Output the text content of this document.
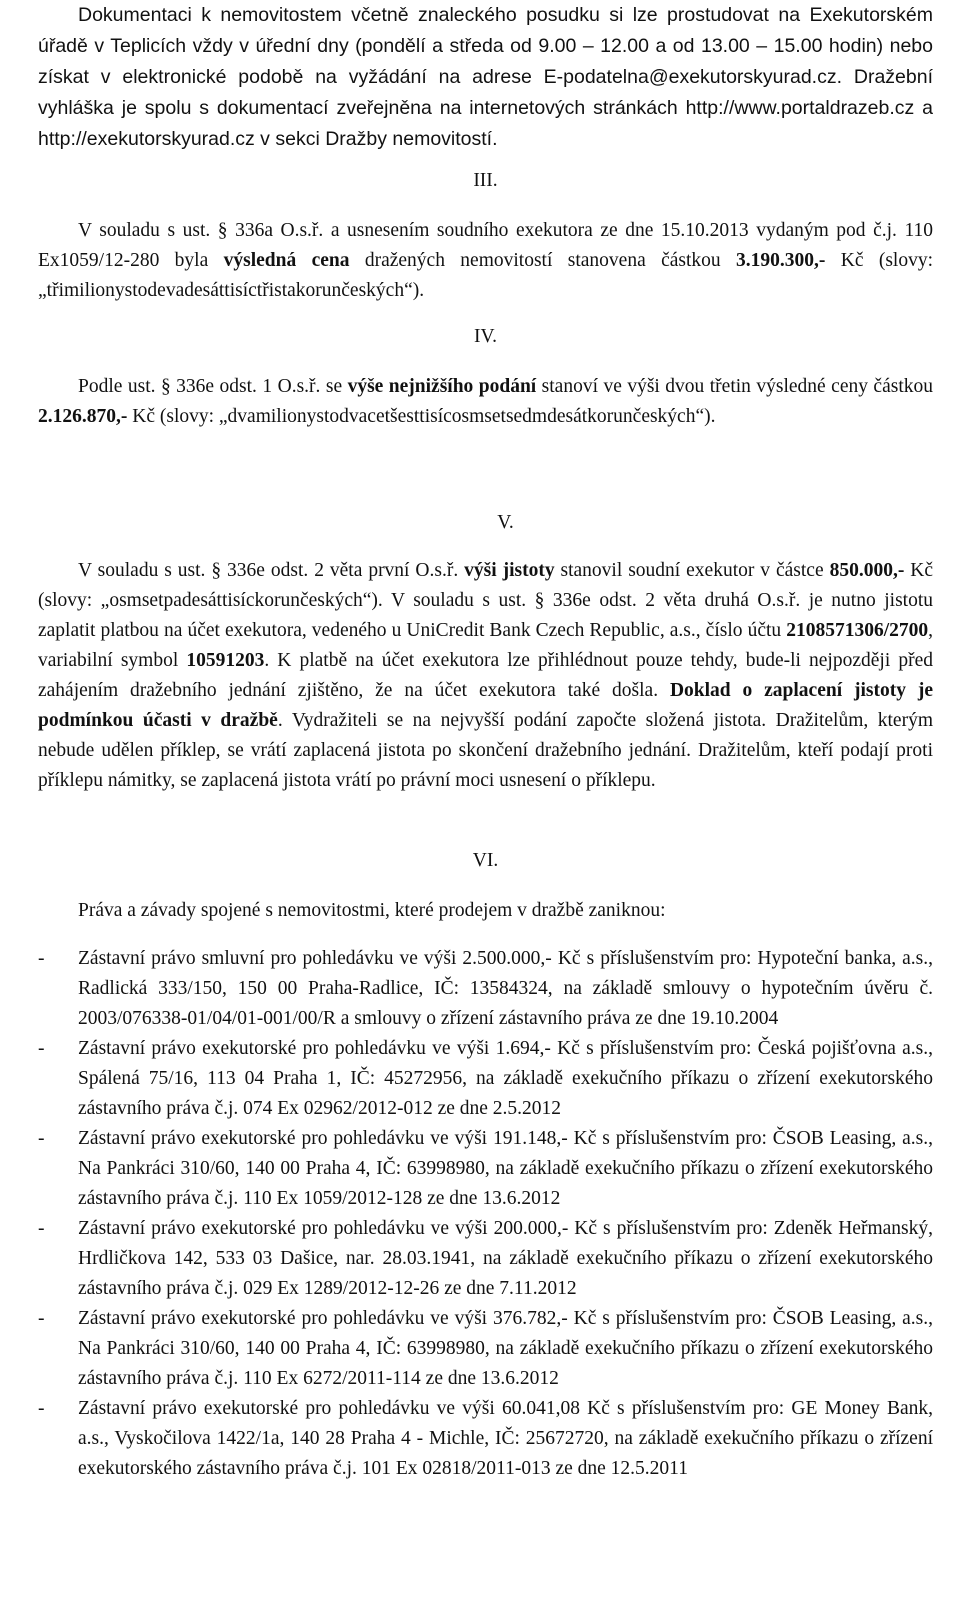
Dokumentaci k nemovitostem včetně znaleckého posudku si lze prostudovat na Exekutorském úřadě v Teplicích vždy v úřední dny (pondělí a středa od 9.00 – 12.00 a od 13.00 – 15.00 hodin) nebo získat v elektronické podobě na vyžádání na adrese E-podatelna@exekutorskyurad.cz. Dražební vyhláška je spolu s dokumentací zveřejněna na internetových stránkách http://www.portaldrazeb.cz a http://exekutorskyurad.cz v sekci Dražby nemovitostí.

III.

V souladu s ust. § 336a O.s.ř. a usnesením soudního exekutora ze dne 15.10.2013 vydaným pod č.j. 110 Ex1059/12-280 byla výsledná cena dražených nemovitostí stanovena částkou 3.190.300,- Kč (slovy: „třimilionystodevadesáttisíctřistakorunčeských“).

IV.

Podle ust. § 336e odst. 1 O.s.ř. se výše nejnižšího podání stanoví ve výši dvou třetin výsledné ceny částkou 2.126.870,- Kč (slovy: „dvamilionystodvacetšesttisícosmsetsedmdesátkorunčeských“).

V.

V souladu s ust. § 336e odst. 2 věta první O.s.ř. výši jistoty stanovil soudní exekutor v částce 850.000,- Kč (slovy: „osmsetpadesáttisíckorunčeských“). V souladu s ust. § 336e odst. 2 věta druhá O.s.ř. je nutno jistotu zaplatit platbou na účet exekutora, vedeného u UniCredit Bank Czech Republic, a.s., číslo účtu 2108571306/2700, variabilní symbol 10591203. K platbě na účet exekutora lze přihlédnout pouze tehdy, bude-li nejpozději před zahájením dražebního jednání zjištěno, že na účet exekutora také došla. Doklad o zaplacení jistoty je podmínkou účasti v dražbě. Vydražiteli se na nejvyšší podání započte složená jistota. Dražitelům, kterým nebude udělen příklep, se vrátí zaplacená jistota po skončení dražebního jednání. Dražitelům, kteří podají proti příklepu námitky, se zaplacená jistota vrátí po právní moci usnesení o příklepu.

VI.

Práva a závady spojené s nemovitostmi, které prodejem v dražbě zaniknou:

- Zástavní právo smluvní pro pohledávku ve výši 2.500.000,- Kč s příslušenstvím pro: Hypoteční banka, a.s., Radlická 333/150, 150 00 Praha-Radlice, IČ: 13584324, na základě smlouvy o hypotečním úvěru č. 2003/076338-01/04/01-001/00/R a smlouvy o zřízení zástavního práva ze dne 19.10.2004
- Zástavní právo exekutorské pro pohledávku ve výši 1.694,- Kč s příslušenstvím pro: Česká pojišťovna a.s., Spálená 75/16, 113 04 Praha 1, IČ: 45272956, na základě exekučního příkazu o zřízení exekutorského zástavního práva č.j. 074 Ex 02962/2012-012 ze dne 2.5.2012
- Zástavní právo exekutorské pro pohledávku ve výši 191.148,- Kč s příslušenstvím pro: ČSOB Leasing, a.s., Na Pankráci 310/60, 140 00 Praha 4, IČ: 63998980, na základě exekučního příkazu o zřízení exekutorského zástavního práva č.j. 110 Ex 1059/2012-128 ze dne 13.6.2012
- Zástavní právo exekutorské pro pohledávku ve výši 200.000,- Kč s příslušenstvím pro: Zdeněk Heřmanský, Hrdličkova 142, 533 03 Dašice, nar. 28.03.1941, na základě exekučního příkazu o zřízení exekutorského zástavního práva č.j. 029 Ex 1289/2012-12-26 ze dne 7.11.2012
- Zástavní právo exekutorské pro pohledávku ve výši 376.782,- Kč s příslušenstvím pro: ČSOB Leasing, a.s., Na Pankráci 310/60, 140 00 Praha 4, IČ: 63998980, na základě exekučního příkazu o zřízení exekutorského zástavního práva č.j. 110 Ex 6272/2011-114 ze dne 13.6.2012
- Zástavní právo exekutorské pro pohledávku ve výši 60.041,08 Kč s příslušenstvím pro: GE Money Bank, a.s., Vyskočilova 1422/1a, 140 28 Praha 4 - Michle, IČ: 25672720, na základě exekučního příkazu o zřízení exekutorského zástavního práva č.j. 101 Ex 02818/2011-013 ze dne 12.5.2011
